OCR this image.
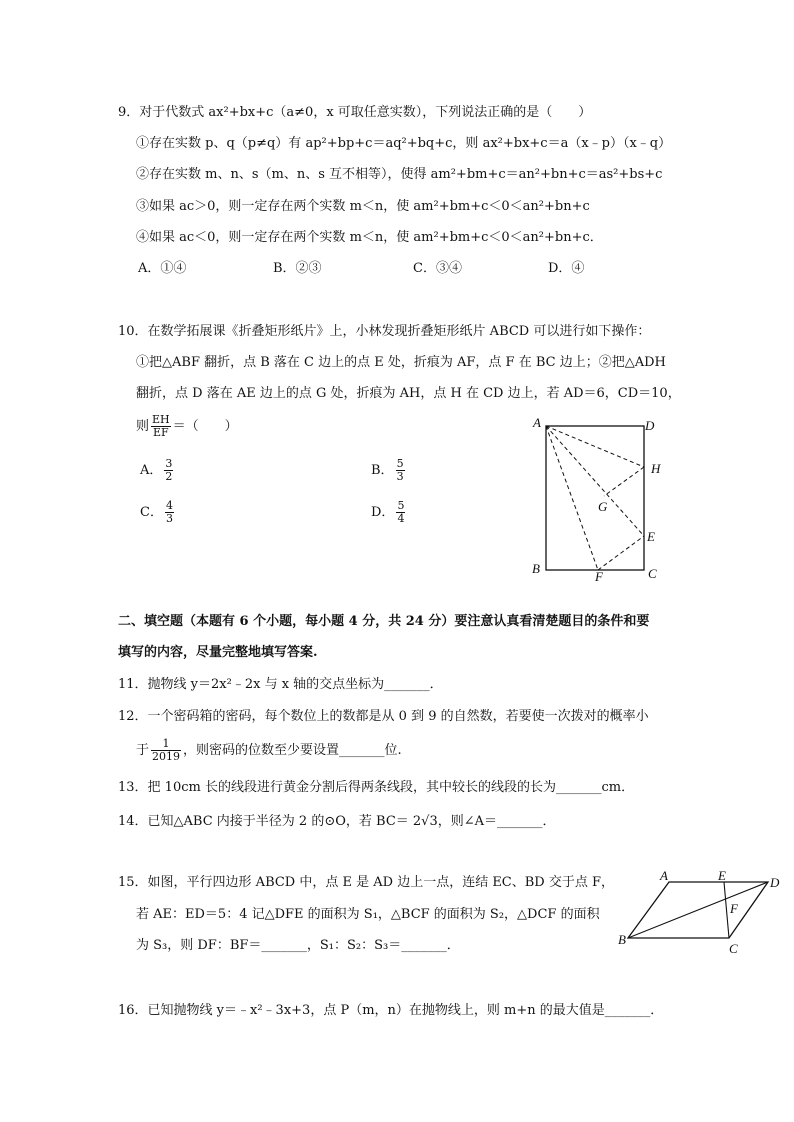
9．对于代数式 ax²+bx+c（a≠0，x 可取任意实数），下列说法正确的是（　　）
①存在实数 p、q（p≠q）有 ap²+bp+c＝aq²+bq+c，则 ax²+bx+c＝a（x﹣p）（x﹣q）
②存在实数 m、n、s（m、n、s 互不相等），使得 am²+bm+c＝an²+bn+c＝as²+bs+c
③如果 ac＞0，则一定存在两个实数 m＜n，使 am²+bm+c＜0＜an²+bn+c
④如果 ac＜0，则一定存在两个实数 m＜n，使 am²+bm+c＜0＜an²+bn+c．
A．①④	B．②③	C．③④	D．④
10．在数学拓展课《折叠矩形纸片》上，小林发现折叠矩形纸片 ABCD 可以进行如下操作：
①把△ABF 翻折，点 B 落在 C 边上的点 E 处，折痕为 AF，点 F 在 BC 边上；②把△ADH
翻折，点 D 落在 AE 边上的点 G 处，折痕为 AH，点 H 在 CD 边上，若 AD＝6，CD＝10，
则 $\frac{EH}{EF}$ ＝（　　）
A． $\frac{3}{2}$	B． $\frac{5}{3}$
C． $\frac{4}{3}$	D． $\frac{5}{4}$
A	D
H
G
E
B
F	C
二、填空题（本题有 6 个小题，每小题 4 分，共 24 分）要注意认真看清楚题目的条件和要
填写的内容，尽量完整地填写答案.
11．抛物线 y＝2x²﹣2x 与 x 轴的交点坐标为_______．
12．一个密码箱的密码，每个数位上的数都是从 0 到 9 的自然数，若要使一次拨对的概率小
于 $\frac{1}{2019}$ ，则密码的位数至少要设置_______位.
13．把 10cm 长的线段进行黄金分割后得两条线段，其中较长的线段的长为_______cm．
14．已知△ABC 内接于半径为 2 的⊙O，若 BC＝ 2√3，则∠A＝_______．
15．如图，平行四边形 ABCD 中，点 E 是 AD 边上一点，连结 EC、BD 交于点 F，
若 AE：ED＝5：4 记△DFE 的面积为 S₁，△BCF 的面积为 S₂，△DCF 的面积
为 S₃，则 DF：BF＝_______，S₁：S₂：S₃＝_______．
A	E	D
F
B
C
16．已知抛物线 y＝﹣x²﹣3x+3，点 P（m，n）在抛物线上，则 m+n 的最大值是_______．
